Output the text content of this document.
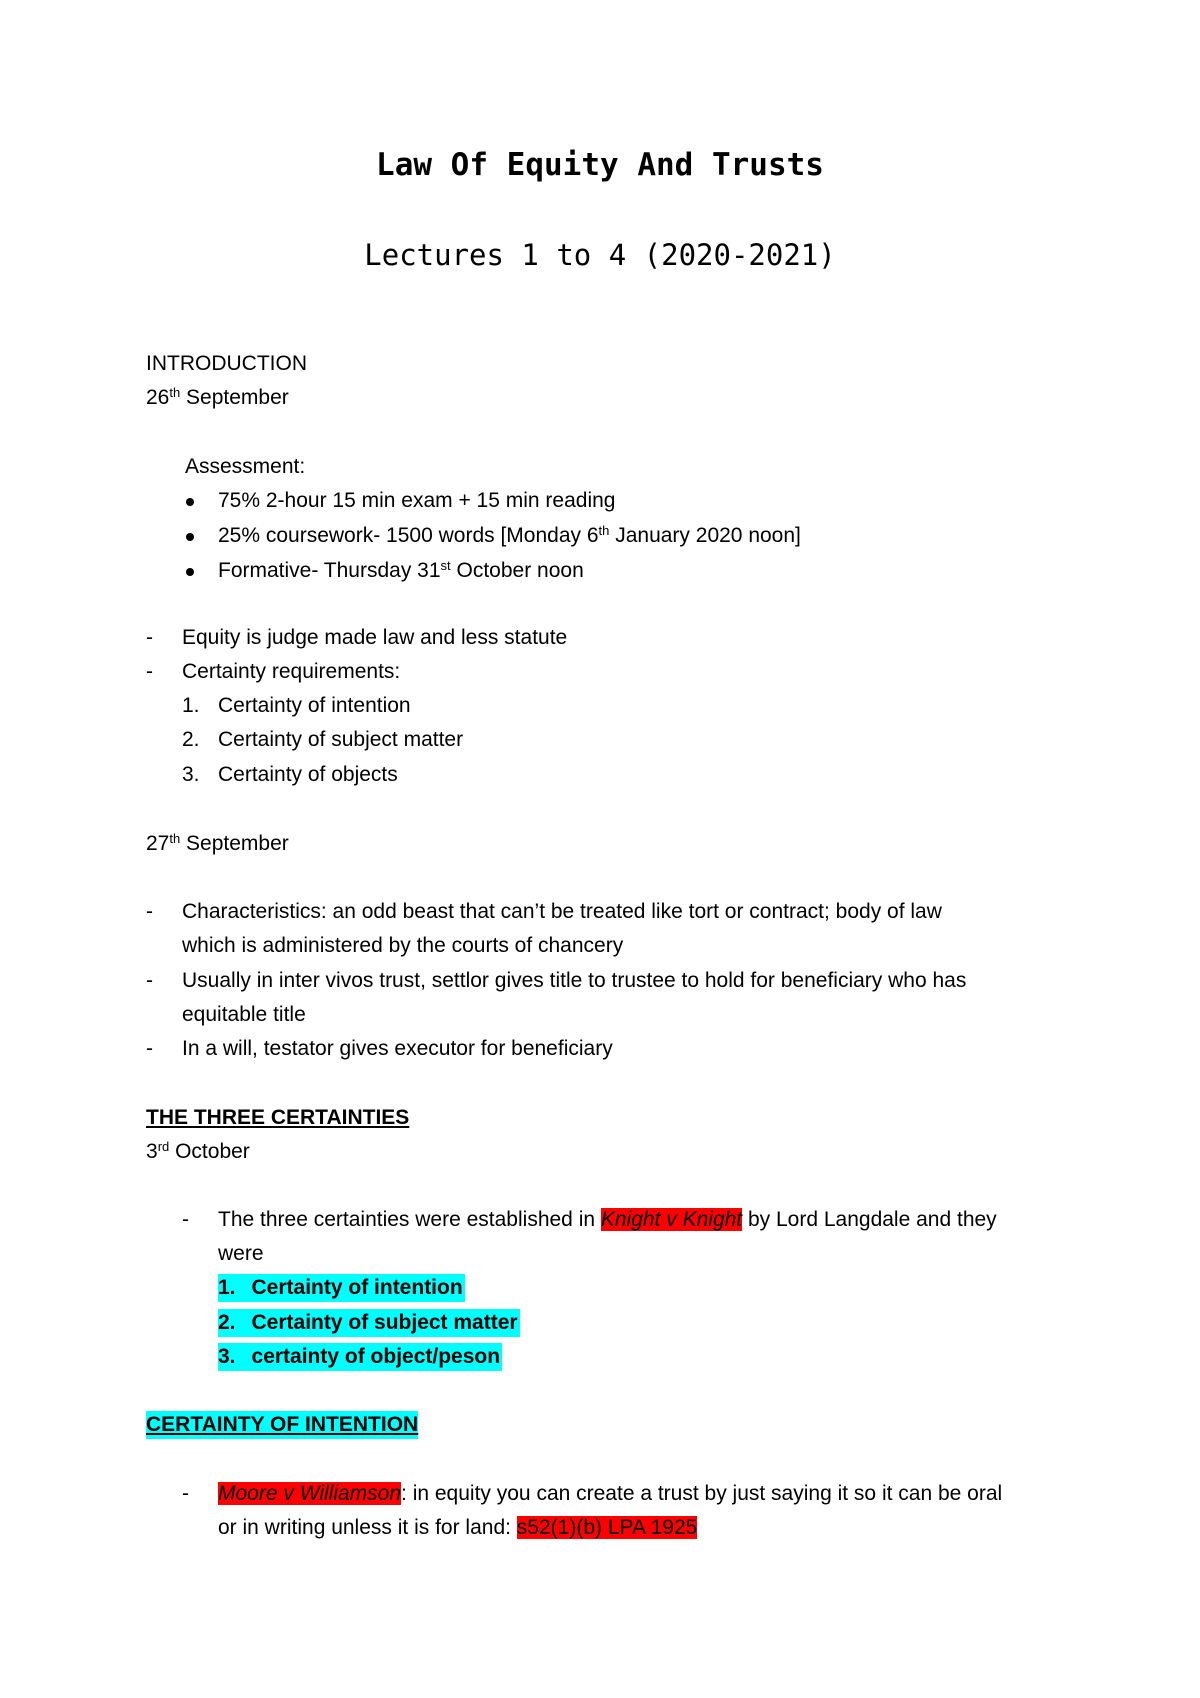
Law Of Equity And Trusts
Lectures 1 to 4 (2020-2021)
INTRODUCTION
26th September
Assessment:
75% 2-hour 15 min exam + 15 min reading
25% coursework- 1500 words [Monday 6th January 2020 noon]
Formative- Thursday 31st October noon
- Equity is judge made law and less statute
- Certainty requirements:
1. Certainty of intention
2. Certainty of subject matter
3. Certainty of objects
27th September
- Characteristics: an odd beast that can’t be treated like tort or contract; body of law
which is administered by the courts of chancery
- Usually in inter vivos trust, settlor gives title to trustee to hold for beneficiary who has
equitable title
- In a will, testator gives executor for beneficiary
THE THREE CERTAINTIES
3rd October
- The three certainties were established in Knight v Knight by Lord Langdale and they
were
1. Certainty of intention
2. Certainty of subject matter
3. certainty of object/peson
CERTAINTY OF INTENTION
- Moore v Williamson: in equity you can create a trust by just saying it so it can be oral
or in writing unless it is for land: s52(1)(b) LPA 1925
